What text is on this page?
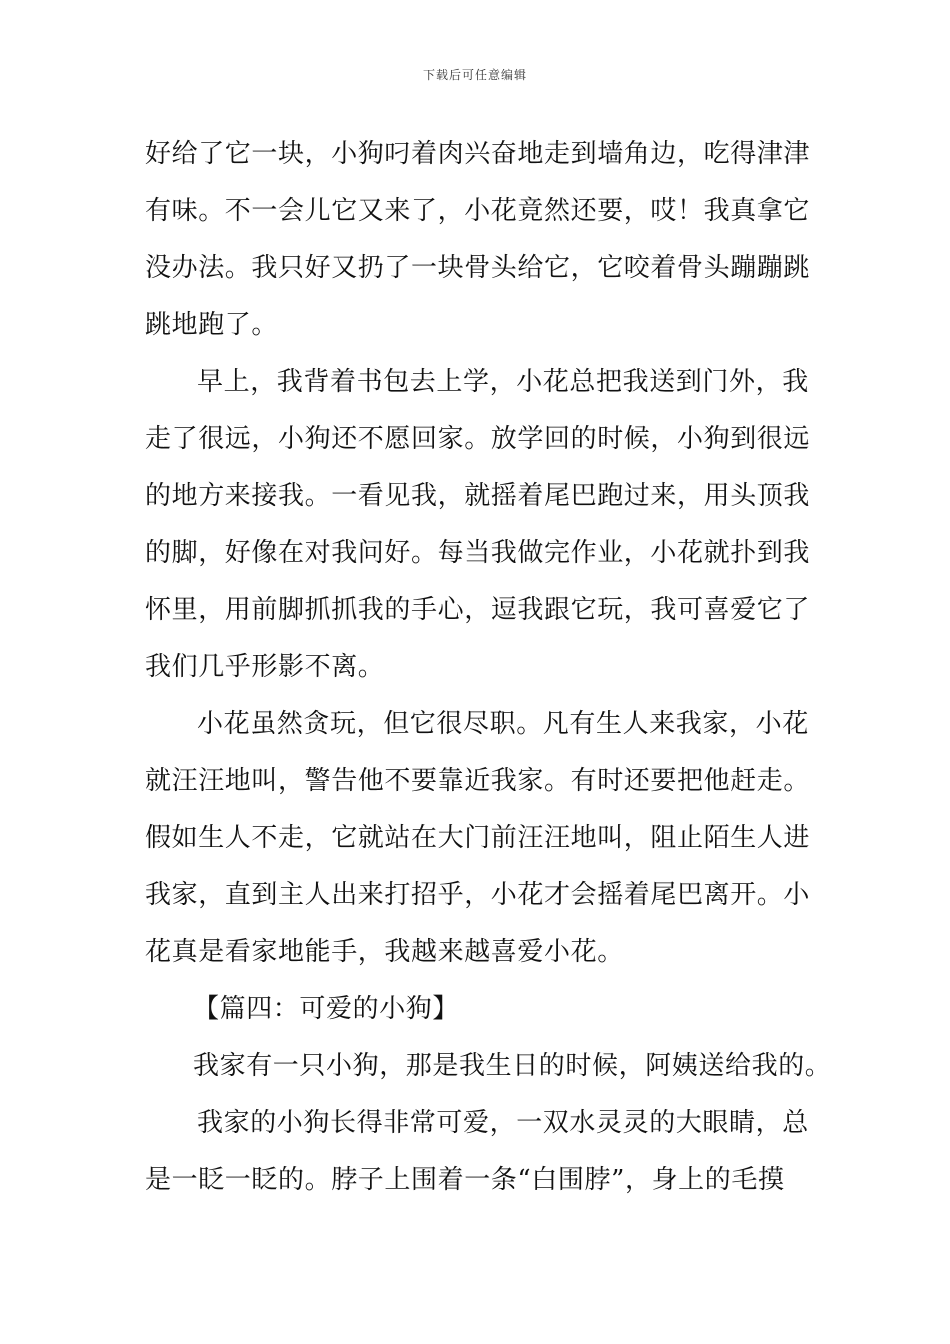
下载后可任意编辑
好给了它一块，小狗叼着肉兴奋地走到墙角边，吃得津津
有味。不一会儿它又来了，小花竟然还要，哎！我真拿它
没办法。我只好又扔了一块骨头给它，它咬着骨头蹦蹦跳
跳地跑了。
早上，我背着书包去上学，小花总把我送到门外，我
走了很远，小狗还不愿回家。放学回的时候，小狗到很远
的地方来接我。一看见我，就摇着尾巴跑过来，用头顶我
的脚，好像在对我问好。每当我做完作业，小花就扑到我
怀里，用前脚抓抓我的手心，逗我跟它玩，我可喜爱它了
我们几乎形影不离。
小花虽然贪玩，但它很尽职。凡有生人来我家，小花
就汪汪地叫，警告他不要靠近我家。有时还要把他赶走。
假如生人不走，它就站在大门前汪汪地叫，阻止陌生人进
我家，直到主人出来打招乎，小花才会摇着尾巴离开。小
花真是看家地能手，我越来越喜爱小花。
【篇四：可爱的小狗】
我家有一只小狗，那是我生日的时候，阿姨送给我的。
我家的小狗长得非常可爱，一双水灵灵的大眼睛，总
是一眨一眨的。脖子上围着一条“白围脖”，身上的毛摸
